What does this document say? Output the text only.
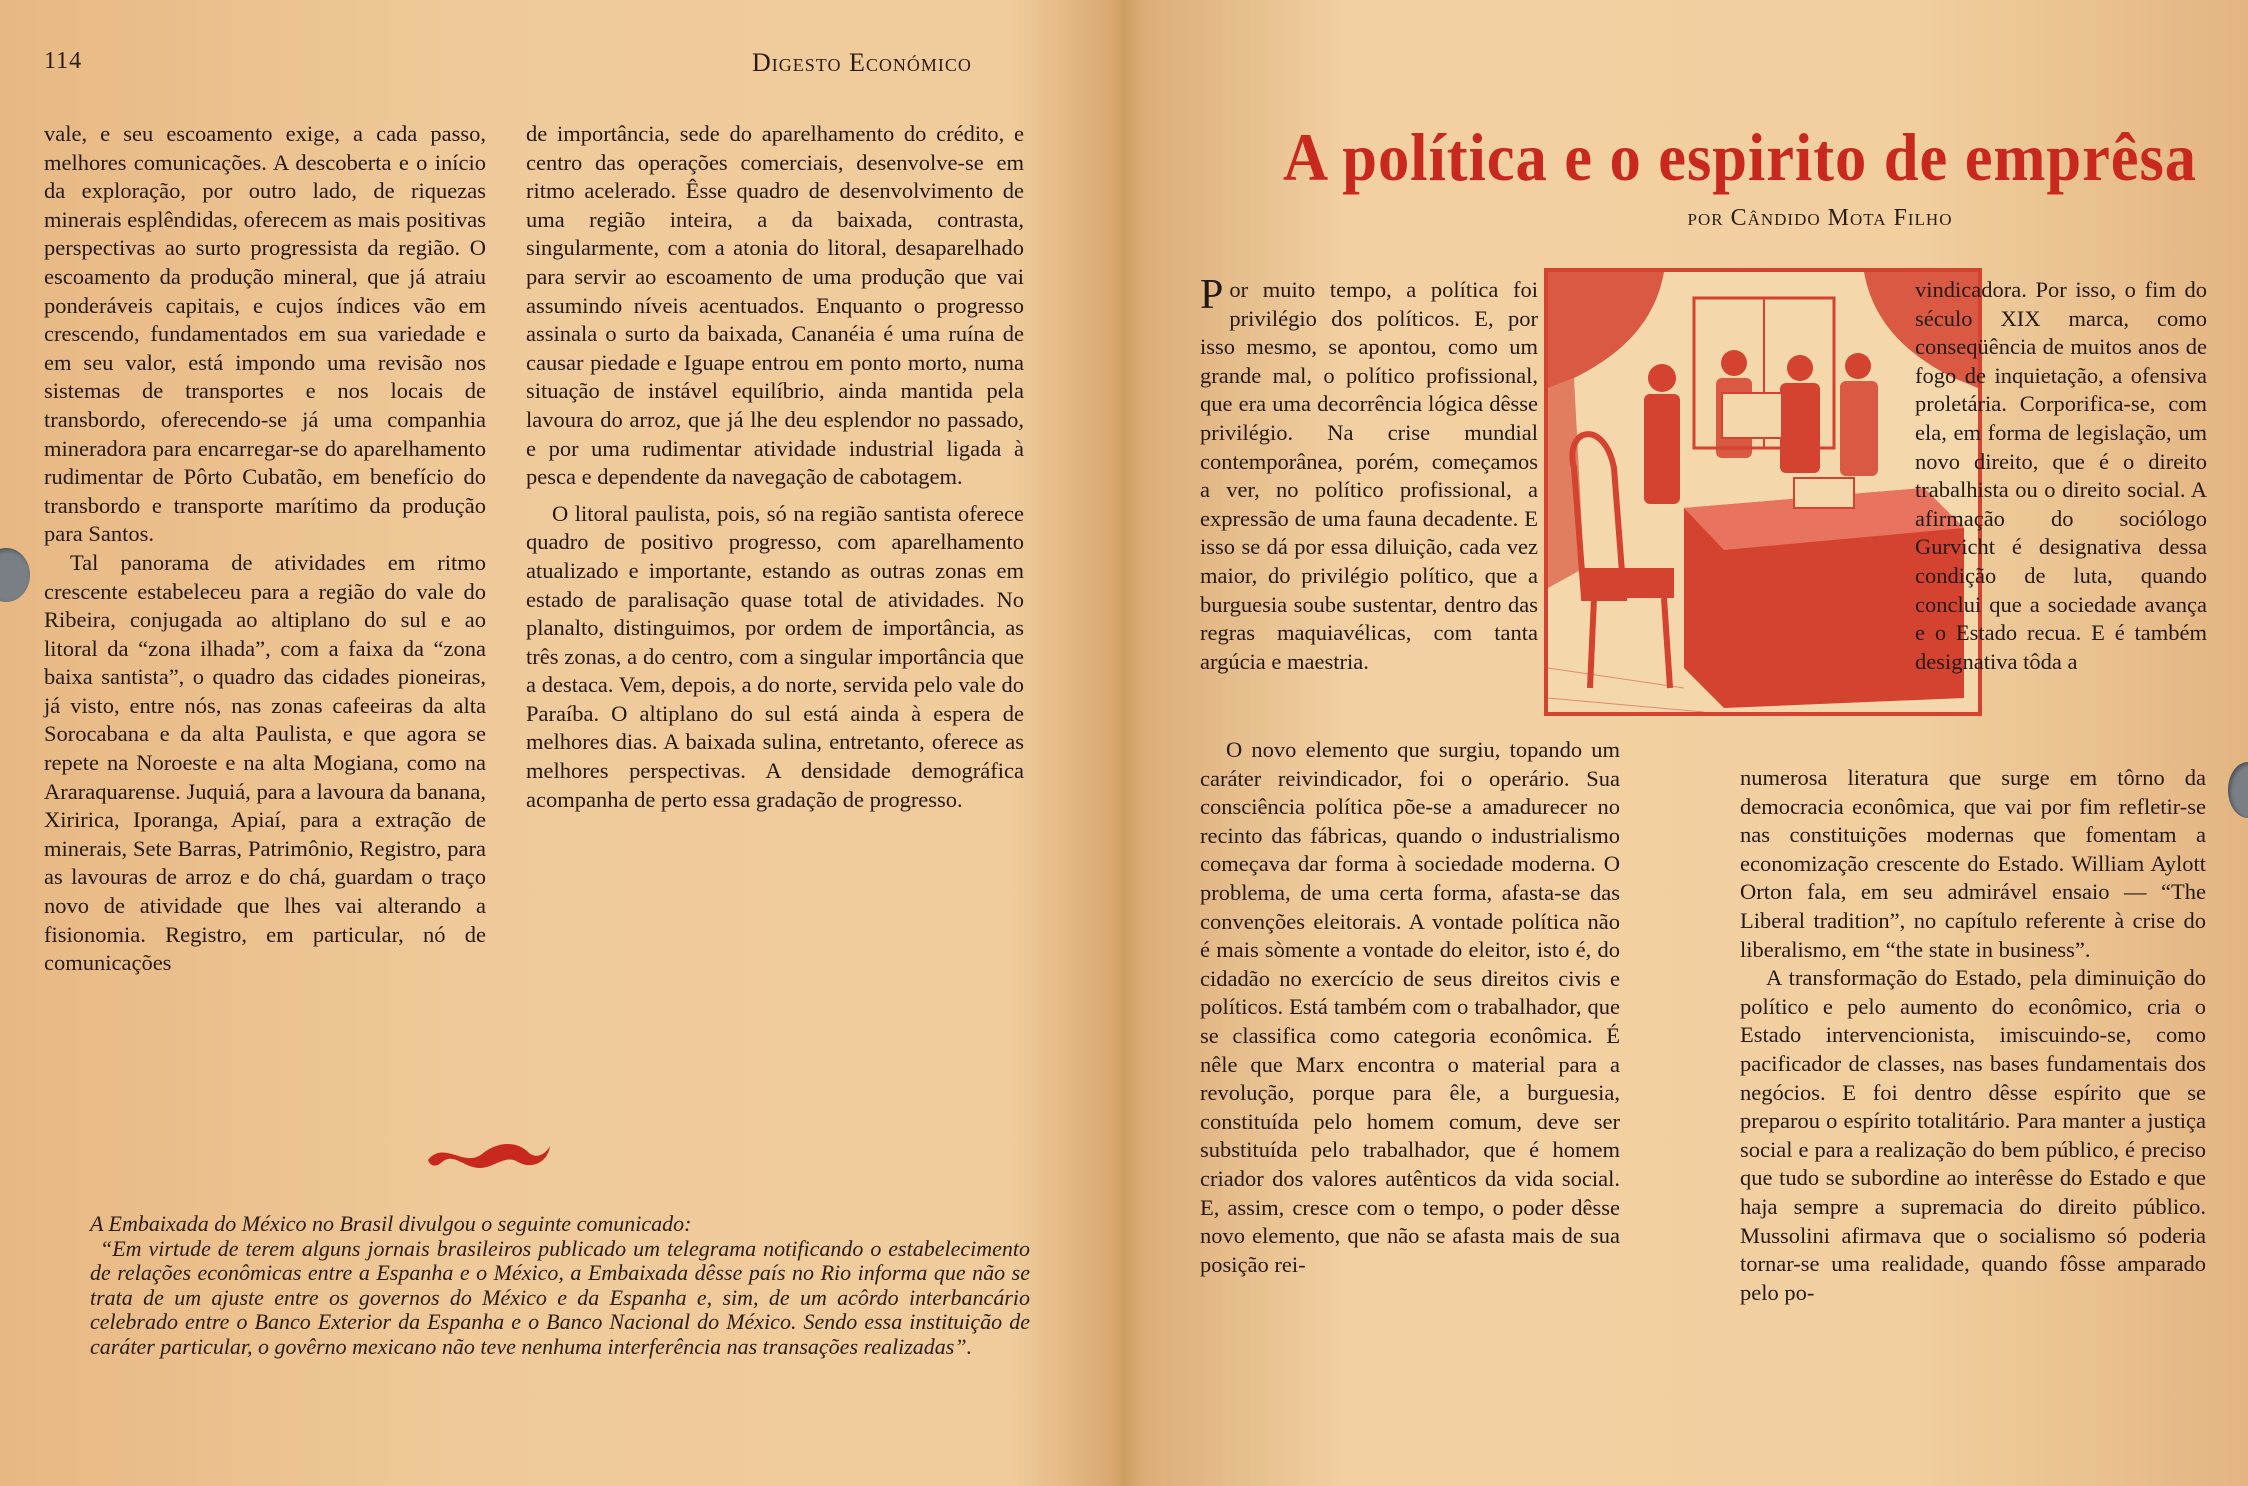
114	Digesto Económico

vale, e seu escoamento exige, a cada passo, melhores comunicações. A descoberta e o início da exploração, por outro lado, de riquezas minerais esplêndidas, oferecem as mais positivas perspectivas ao surto progressista da região. O escoamento da produção mineral, que já atraiu ponderáveis capitais, e cujos índices vão em crescendo, fundamentados em sua variedade e em seu valor, está impondo uma revisão nos sistemas de transportes e nos locais de transbordo, oferecendo-se já uma companhia mineradora para encarregar-se do aparelhamento rudimentar de Pôrto Cubatão, em benefício do transbordo e transporte marítimo da produção para Santos.

Tal panorama de atividades em ritmo crescente estabeleceu para a região do vale do Ribeira, conjugada ao altiplano do sul e ao litoral da “zona ilhada”, com a faixa da “zona baixa santista”, o quadro das cidades pioneiras, já visto, entre nós, nas zonas cafeeiras da alta Sorocabana e da alta Paulista, e que agora se repete na Noroeste e na alta Mogiana, como na Araraquarense. Juquiá, para a lavoura da banana, Xiririca, Iporanga, Apiaí, para a extração de minerais, Sete Barras, Patrimônio, Registro, para as lavouras de arroz e do chá, guardam o traço novo de atividade que lhes vai alterando a fisionomia. Registro, em particular, nó de comunicações

de importância, sede do aparelhamento do crédito, e centro das operações comerciais, desenvolve-se em ritmo acelerado. Êsse quadro de desenvolvimento de uma região inteira, a da baixada, contrasta, singularmente, com a atonia do litoral, desaparelhado para servir ao escoamento de uma produção que vai assumindo níveis acentuados. Enquanto o progresso assinala o surto da baixada, Cananéia é uma ruína de causar piedade e Iguape entrou em ponto morto, numa situação de instável equilíbrio, ainda mantida pela lavoura do arroz, que já lhe deu esplendor no passado, e por uma rudimentar atividade industrial ligada à pesca e dependente da navegação de cabotagem.

O litoral paulista, pois, só na região santista oferece quadro de positivo progresso, com aparelhamento atualizado e importante, estando as outras zonas em estado de paralisação quase total de atividades. No planalto, distinguimos, por ordem de importância, as três zonas, a do centro, com a singular importância que a destaca. Vem, depois, a do norte, servida pelo vale do Paraíba. O altiplano do sul está ainda à espera de melhores dias. A baixada sulina, entretanto, oferece as melhores perspectivas. A densidade demográfica acompanha de perto essa gradação de progresso.

A Embaixada do México no Brasil divulgou o seguinte comunicado:

“Em virtude de terem alguns jornais brasileiros publicado um telegrama notificando o estabelecimento de relações econômicas entre a Espanha e o México, a Embaixada dêsse país no Rio informa que não se trata de um ajuste entre os governos do México e da Espanha e, sim, de um acôrdo interbancário celebrado entre o Banco Exterior da Espanha e o Banco Nacional do México. Sendo essa instituição de caráter particular, o govêrno mexicano não teve nenhuma interferência nas transações realizadas”.

A política e o espirito de emprêsa
por Cândido Mota Filho

Por muito tempo, a política foi privilégio dos políticos. E, por isso mesmo, se apontou, como um grande mal, o político profissional, que era uma decorrência lógica dêsse privilégio. Na crise mundial contemporânea, porém, começamos a ver, no político profissional, a expressão de uma fauna decadente. E isso se dá por essa diluição, cada vez maior, do privilégio político, que a burguesia soube sustentar, dentro das regras maquiavélicas, com tanta argúcia e maestria.

O novo elemento que surgiu, topando um caráter reivindicador, foi o operário. Sua consciência política põe-se a amadurecer no recinto das fábricas, quando o industrialismo começava dar forma à sociedade moderna. O problema, de uma certa forma, afasta-se das convenções eleitorais. A vontade política não é mais sòmente a vontade do eleitor, isto é, do cidadão no exercício de seus direitos civis e políticos. Está também com o trabalhador, que se classifica como categoria econômica. É nêle que Marx encontra o material para a revolução, porque para êle, a burguesia, constituída pelo homem comum, deve ser substituída pelo trabalhador, que é homem criador dos valores autênticos da vida social. E, assim, cresce com o tempo, o poder dêsse novo elemento, que não se afasta mais de sua posição rei-

vindicadora. Por isso, o fim do século XIX marca, como conseqüência de muitos anos de fogo de inquietação, a ofensiva proletária. Corporifica-se, com ela, em forma de legislação, um novo direito, que é o direito trabalhista ou o direito social. A afirmação do sociólogo Gurvicht é designativa dessa condição de luta, quando conclui que a sociedade avança e o Estado recua. E é também designativa tôda a

numerosa literatura que surge em tôrno da democracia econômica, que vai por fim refletir-se nas constituições modernas que fomentam a economização crescente do Estado. William Aylott Orton fala, em seu admirável ensaio — “The Liberal tradition”, no capítulo referente à crise do liberalismo, em “the state in business”.

A transformação do Estado, pela diminuição do político e pelo aumento do econômico, cria o Estado intervencionista, imiscuindo-se, como pacificador de classes, nas bases fundamentais dos negócios. E foi dentro dêsse espírito que se preparou o espírito totalitário. Para manter a justiça social e para a realização do bem público, é preciso que tudo se subordine ao interêsse do Estado e que haja sempre a supremacia do direito público. Mussolini afirmava que o socialismo só poderia tornar-se uma realidade, quando fôsse amparado pelo po-
